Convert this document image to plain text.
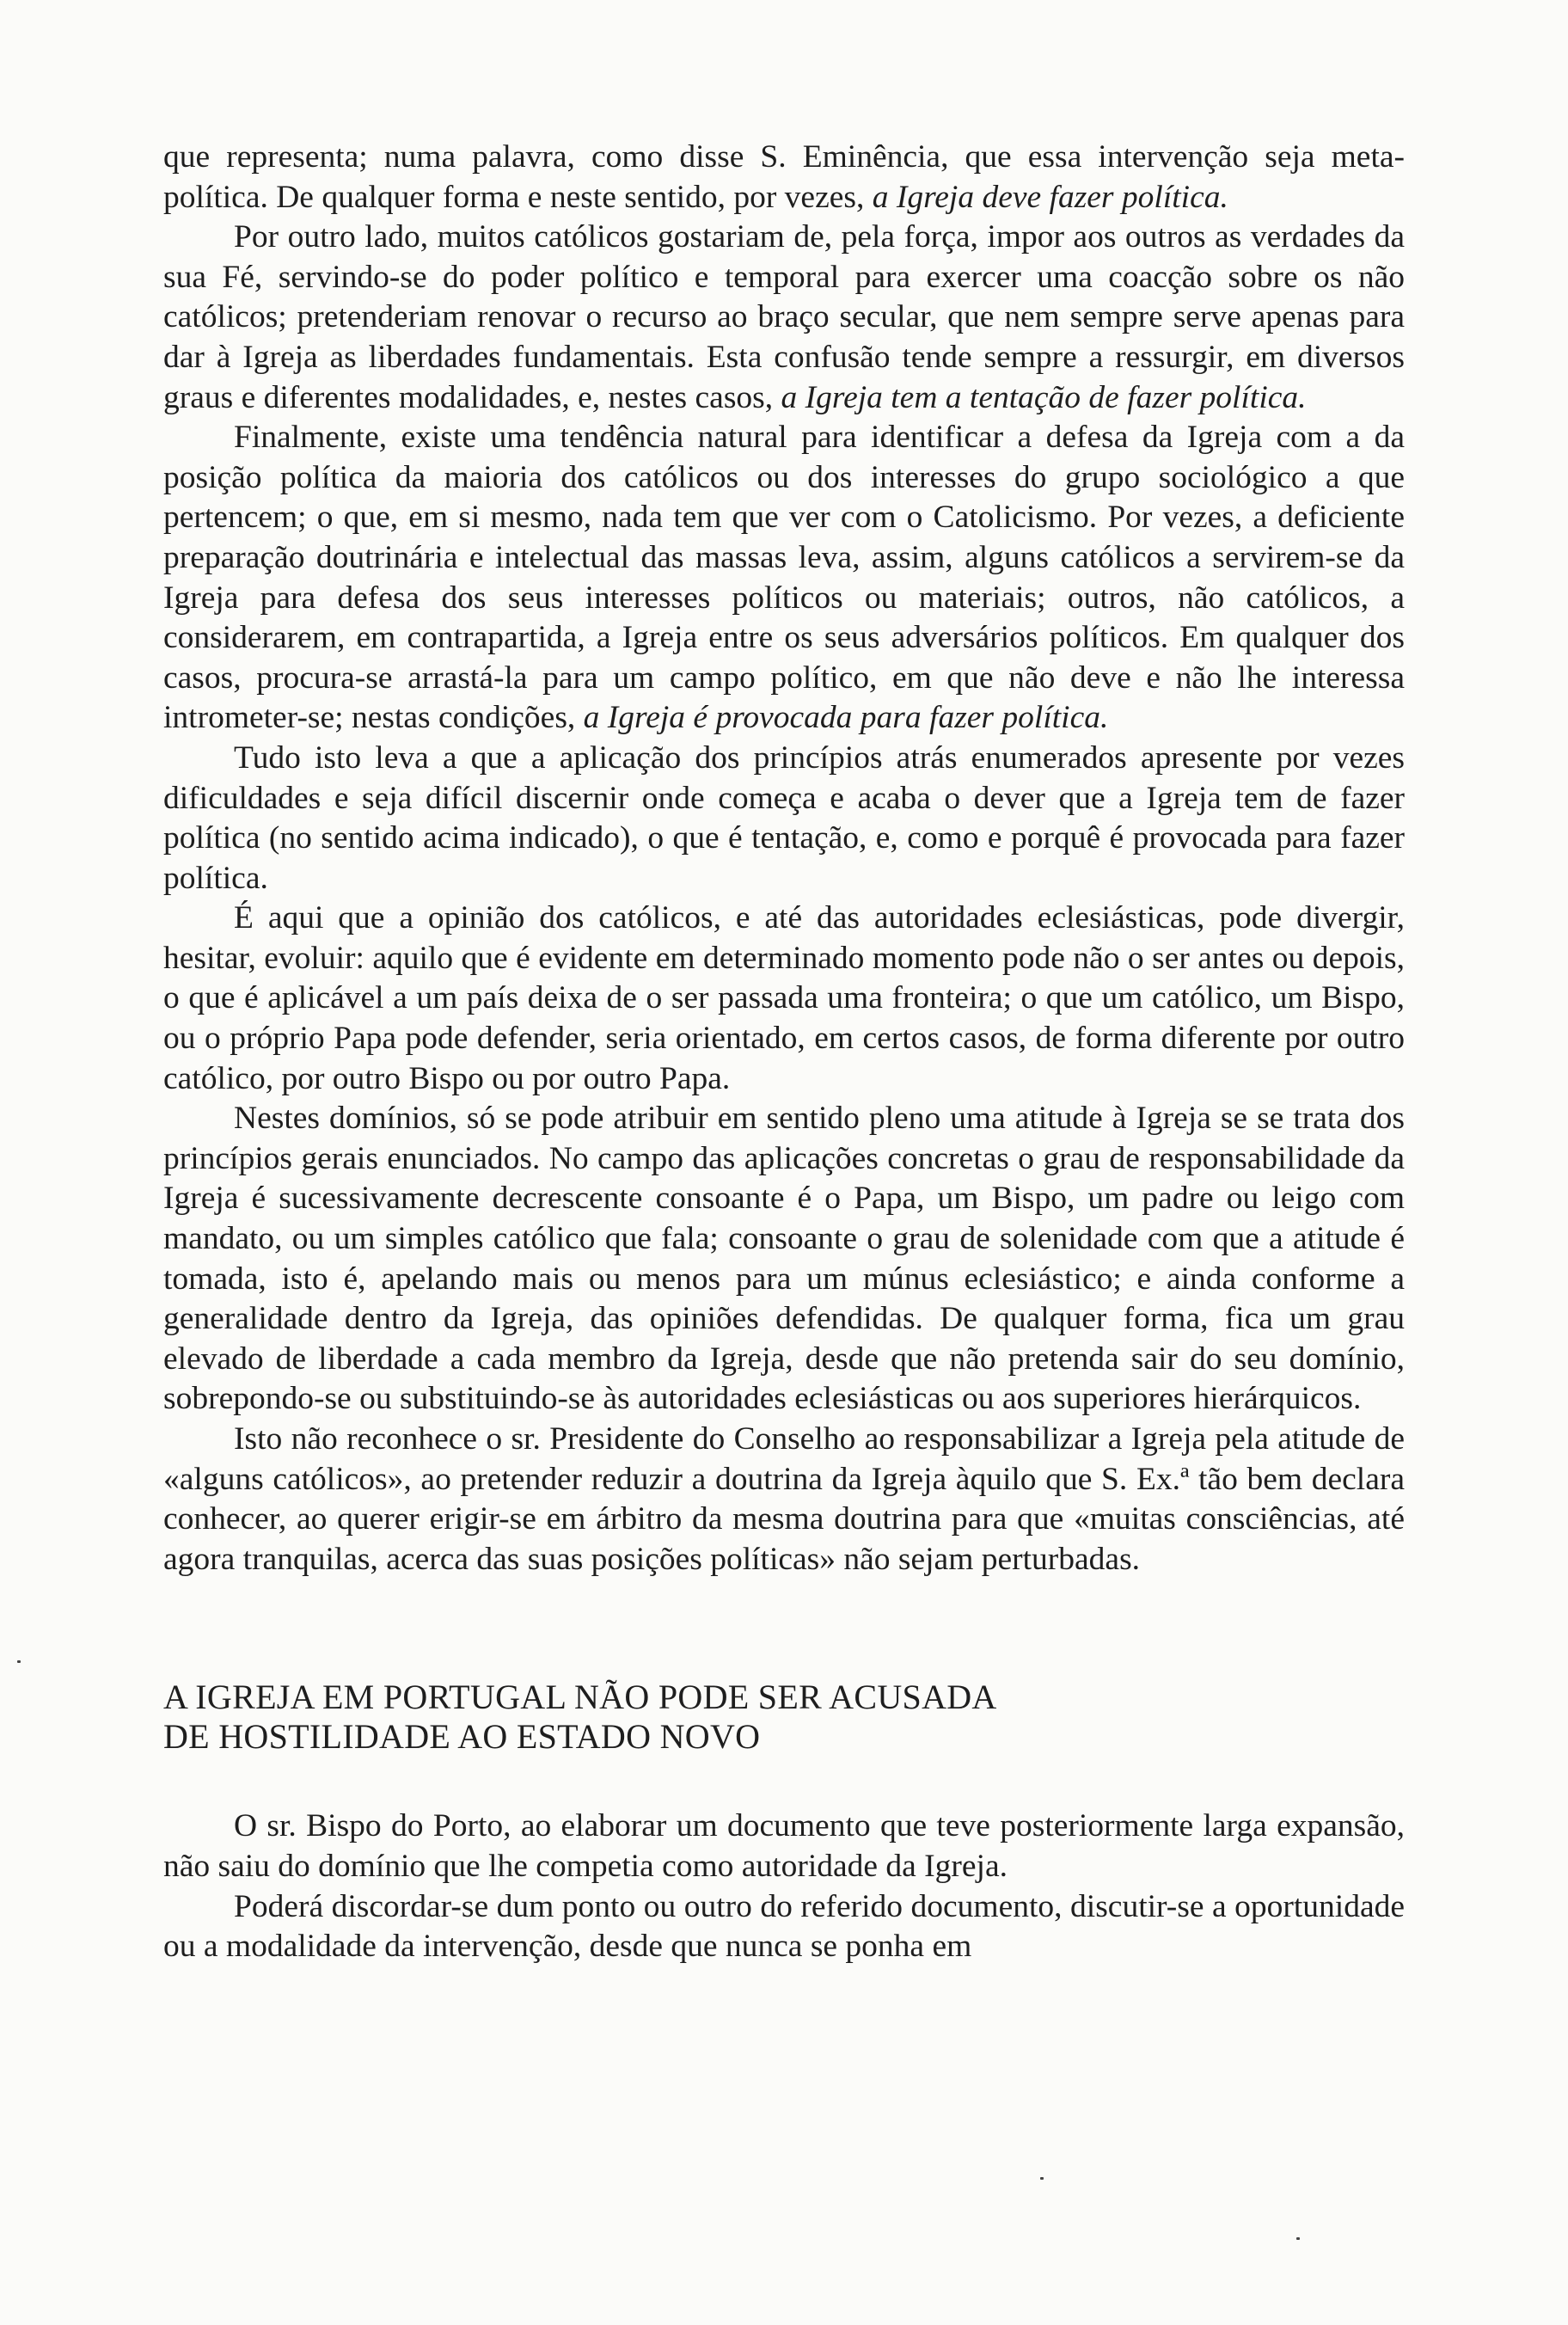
que representa; numa palavra, como disse S. Eminência, que essa intervenção seja meta-política. De qualquer forma e neste sentido, por vezes, a Igreja deve fazer política.

Por outro lado, muitos católicos gostariam de, pela força, impor aos outros as verdades da sua Fé, servindo-se do poder político e temporal para exercer uma coacção sobre os não católicos; pretenderiam renovar o recurso ao braço secular, que nem sempre serve apenas para dar à Igreja as liberdades fundamentais. Esta confusão tende sempre a ressurgir, em diversos graus e diferentes modalidades, e, nestes casos, a Igreja tem a tentação de fazer política.

Finalmente, existe uma tendência natural para identificar a defesa da Igreja com a da posição política da maioria dos católicos ou dos interesses do grupo sociológico a que pertencem; o que, em si mesmo, nada tem que ver com o Catolicismo. Por vezes, a deficiente preparação doutrinária e intelectual das massas leva, assim, alguns católicos a servirem-se da Igreja para defesa dos seus interesses políticos ou materiais; outros, não católicos, a considerarem, em contrapartida, a Igreja entre os seus adversários políticos. Em qualquer dos casos, procura-se arrastá-la para um campo político, em que não deve e não lhe interessa intrometer-se; nestas condições, a Igreja é provocada para fazer política.

Tudo isto leva a que a aplicação dos princípios atrás enumerados apresente por vezes dificuldades e seja difícil discernir onde começa e acaba o dever que a Igreja tem de fazer política (no sentido acima indicado), o que é tentação, e, como e porquê é provocada para fazer política.

É aqui que a opinião dos católicos, e até das autoridades eclesiásticas, pode divergir, hesitar, evoluir: aquilo que é evidente em determinado momento pode não o ser antes ou depois, o que é aplicável a um país deixa de o ser passada uma fronteira; o que um católico, um Bispo, ou o próprio Papa pode defender, seria orientado, em certos casos, de forma diferente por outro católico, por outro Bispo ou por outro Papa.

Nestes domínios, só se pode atribuir em sentido pleno uma atitude à Igreja se se trata dos princípios gerais enunciados. No campo das aplicações concretas o grau de responsabilidade da Igreja é sucessivamente decrescente consoante é o Papa, um Bispo, um padre ou leigo com mandato, ou um simples católico que fala; consoante o grau de solenidade com que a atitude é tomada, isto é, apelando mais ou menos para um múnus eclesiástico; e ainda conforme a generalidade dentro da Igreja, das opiniões defendidas. De qualquer forma, fica um grau elevado de liberdade a cada membro da Igreja, desde que não pretenda sair do seu domínio, sobrepondo-se ou substituindo-se às autoridades eclesiásticas ou aos superiores hierárquicos.

Isto não reconhece o sr. Presidente do Conselho ao responsabilizar a Igreja pela atitude de «alguns católicos», ao pretender reduzir a doutrina da Igreja àquilo que S. Ex.ª tão bem declara conhecer, ao querer erigir-se em árbitro da mesma doutrina para que «muitas consciências, até agora tranquilas, acerca das suas posições políticas» não sejam perturbadas.

A IGREJA EM PORTUGAL NÃO PODE SER ACUSADA
DE HOSTILIDADE AO ESTADO NOVO

O sr. Bispo do Porto, ao elaborar um documento que teve posteriormente larga expansão, não saiu do domínio que lhe competia como autoridade da Igreja.

Poderá discordar-se dum ponto ou outro do referido documento, discutir-se a oportunidade ou a modalidade da intervenção, desde que nunca se ponha em
